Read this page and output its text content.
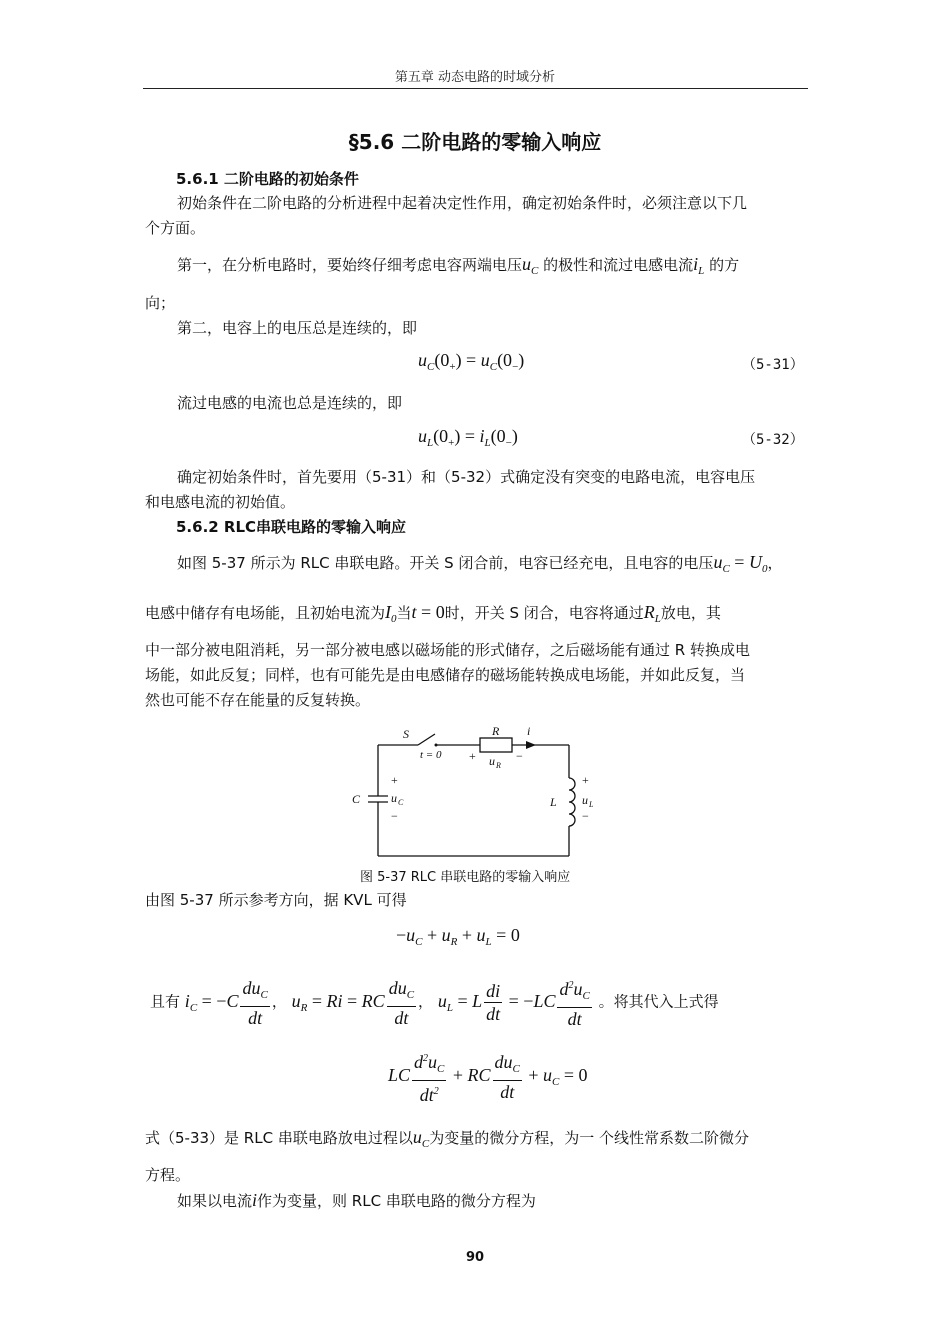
第五章 动态电路的时域分析
§5.6 二阶电路的零输入响应
5.6.1 二阶电路的初始条件
初始条件在二阶电路的分析进程中起着决定性作用，确定初始条件时，必须注意以下几
个方面。
第一，在分析电路时，要始终仔细考虑电容两端电压$u_C$ 的极性和流过电感电流$i_L$ 的方
向；
第二，电容上的电压总是连续的，即
$u_C(0_+) = u_C(0_-)$	（5-31）
流过电感的电流也总是连续的，即
$u_L(0_+) = i_L(0_-)$	（5-32）
确定初始条件时，首先要用（5-31）和（5-32）式确定没有突变的电路电流，电容电压
和电感电流的初始值。
5.6.2 RLC串联电路的零输入响应
如图 5-37 所示为 RLC 串联电路。开关 S 闭合前，电容已经充电，且电容的电压$u_C = U_0$，
电感中储存有电场能，且初始电流为$I_0$当t = 0时，开关 S 闭合，电容将通过$R_L$放电，其
中一部分被电阻消耗，另一部分被电感以磁场能的形式储存，之后磁场能有通过 R 转换成电
场能，如此反复；同样，也有可能先是由电感储存的磁场能转换成电场能，并如此反复，当
然也可能不存在能量的反复转换。
S
t = 0
R i
+	−
u R
C
+
u C
−
L
+
u L
−
图 5-37 RLC 串联电路的零输入响应
由图 5-37 所示参考方向，据 KVL 可得
$-u_C + u_R + u_L = 0$
且有 $i_C = -C \frac{du_C}{dt}$ ， $u_R = Ri$ = RC $\frac{du_C}{dt}$ ， $u_L = L \frac{di}{dt} = -LC \frac{d^2u_C}{dt}$ 。将其代入上式得
LC $\frac{d^2u_C}{dt^2}$ + RC $\frac{du_C}{dt} + u_C = 0$
式（5-33）是 RLC 串联电路放电过程以$u_C$为变量的微分方程，为一 个线性常系数二阶微分
方程。
如果以电流i作为变量，则 RLC 串联电路的微分方程为
90
